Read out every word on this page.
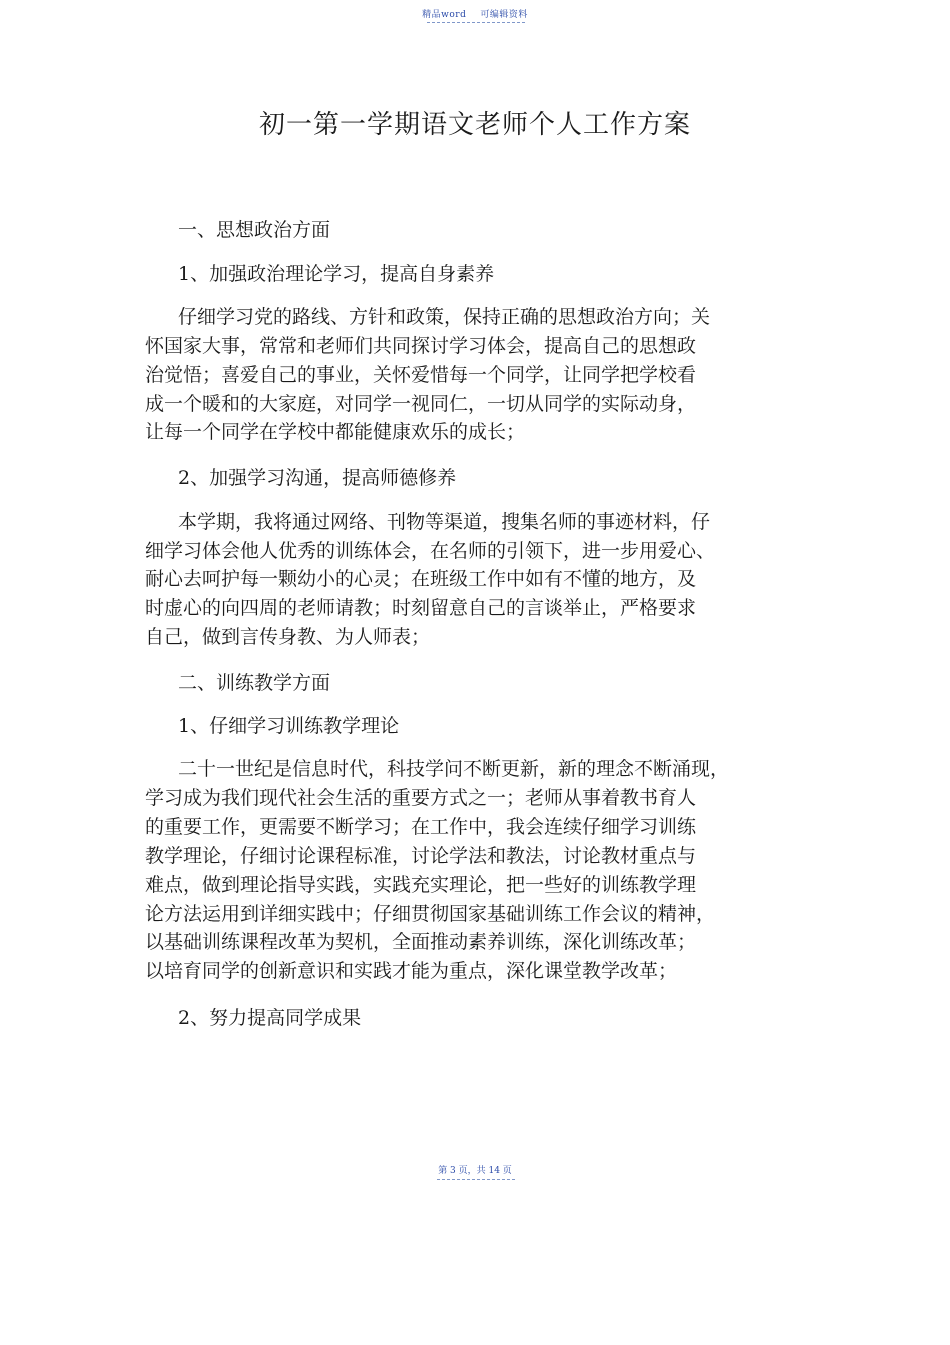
精品word 可编辑资料
初一第一学期语文老师个人工作方案
一、思想政治方面
1、加强政治理论学习，提高自身素养
仔细学习党的路线、方针和政策，保持正确的思想政治方向；关
怀国家大事，常常和老师们共同探讨学习体会，提高自己的思想政
治觉悟；喜爱自己的事业，关怀爱惜每一个同学，让同学把学校看
成一个暖和的大家庭，对同学一视同仁，一切从同学的实际动身，
让每一个同学在学校中都能健康欢乐的成长；
2、加强学习沟通，提高师德修养
本学期，我将通过网络、刊物等渠道，搜集名师的事迹材料，仔
细学习体会他人优秀的训练体会，在名师的引领下，进一步用爱心、
耐心去呵护每一颗幼小的心灵；在班级工作中如有不懂的地方，及
时虚心的向四周的老师请教；时刻留意自己的言谈举止，严格要求
自己，做到言传身教、为人师表；
二、训练教学方面
1、仔细学习训练教学理论
二十一世纪是信息时代，科技学问不断更新，新的理念不断涌现，
学习成为我们现代社会生活的重要方式之一；老师从事着教书育人
的重要工作，更需要不断学习；在工作中，我会连续仔细学习训练
教学理论，仔细讨论课程标准，讨论学法和教法，讨论教材重点与
难点，做到理论指导实践，实践充实理论，把一些好的训练教学理
论方法运用到详细实践中；仔细贯彻国家基础训练工作会议的精神，
以基础训练课程改革为契机，全面推动素养训练，深化训练改革；
以培育同学的创新意识和实践才能为重点，深化课堂教学改革；
2、努力提高同学成果
第 3 页，共 14 页
